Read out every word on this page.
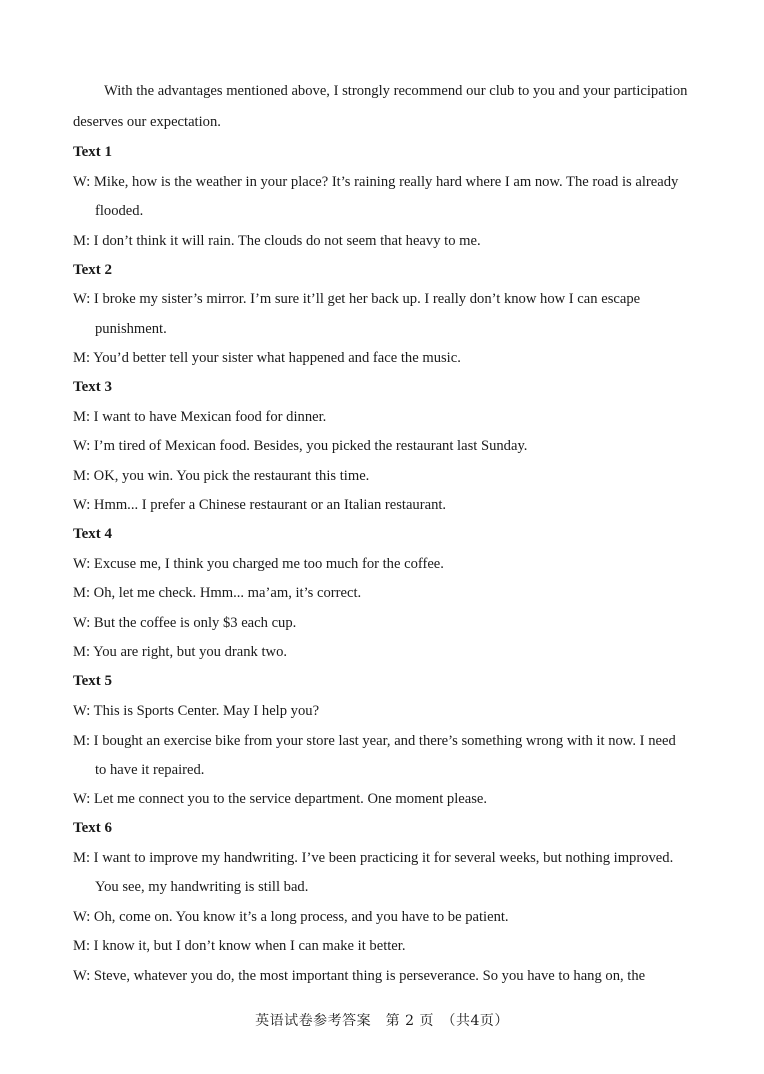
With the advantages mentioned above, I strongly recommend our club to you and your participation
deserves our expectation.
Text 1
W: Mike, how is the weather in your place? It’s raining really hard where I am now. The road is already
flooded.
M: I don’t think it will rain. The clouds do not seem that heavy to me.
Text 2
W: I broke my sister’s mirror. I’m sure it’ll get her back up. I really don’t know how I can escape
punishment.
M: You’d better tell your sister what happened and face the music.
Text 3
M: I want to have Mexican food for dinner.
W: I’m tired of Mexican food. Besides, you picked the restaurant last Sunday.
M: OK, you win. You pick the restaurant this time.
W: Hmm... I prefer a Chinese restaurant or an Italian restaurant.
Text 4
W: Excuse me, I think you charged me too much for the coffee.
M: Oh, let me check. Hmm... ma’am, it’s correct.
W: But the coffee is only $3 each cup.
M: You are right, but you drank two.
Text 5
W: This is Sports Center. May I help you?
M: I bought an exercise bike from your store last year, and there’s something wrong with it now. I need
to have it repaired.
W: Let me connect you to the service department. One moment please.
Text 6
M: I want to improve my handwriting. I’ve been practicing it for several weeks, but nothing improved.
You see, my handwriting is still bad.
W: Oh, come on. You know it’s a long process, and you have to be patient.
M: I know it, but I don’t know when I can make it better.
W: Steve, whatever you do, the most important thing is perseverance. So you have to hang on, the
英语试卷参考答案　第 2 页　（共4页）
